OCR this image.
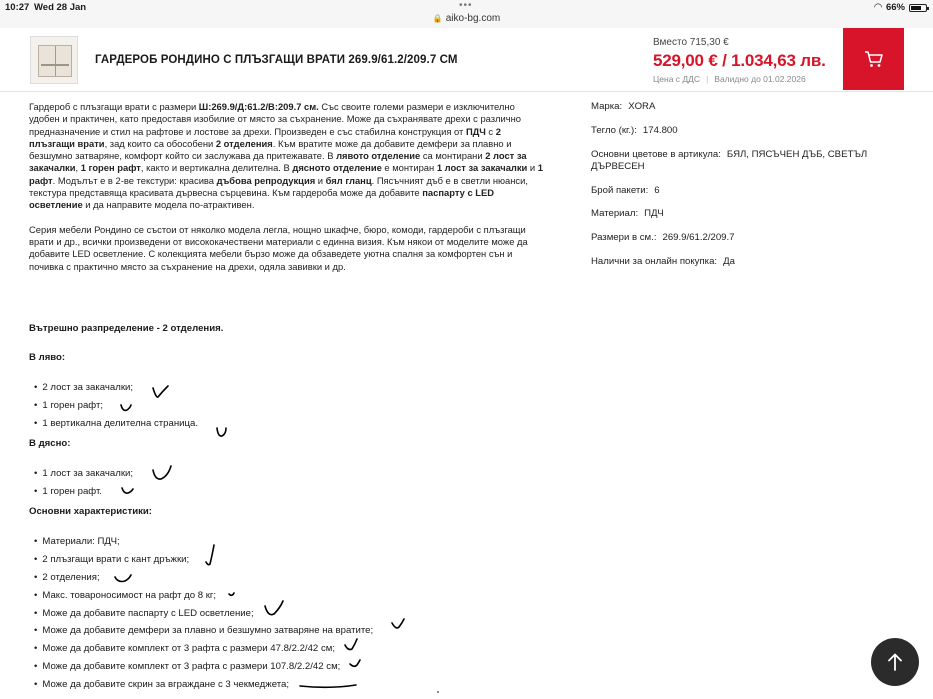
10:27 Wed 28 Jan	•••
🔒 aiko-bg.com
◠ 66%
ГАРДЕРОБ РОНДИНО С ПЛЪЗГАЩИ ВРАТИ 269.9/61.2/209.7 СМ
Вместо 715,30 €
529,00 € / 1.034,63 лв.
Цена с ДДС | Валидно до 01.02.2026

Гардероб с плъзгащи врати с размери Ш:269.9/Д:61.2/В:209.7 см. Със своите големи размери е изключително удобен и практичен, като предоставя изобилие от място за съхранение. Може да съхранявате дрехи с различно предназначение и стил на рафтове и лостове за дрехи. Произведен е със стабилна конструкция от ПДЧ с 2 плъзгащи врати, зад които са обособени 2 отделения. Към вратите може да добавите демфери за плавно и безшумно затваряне, комфорт който си заслужава да притежавате. В лявото отделение са монтирани 2 лост за закачалки, 1 горен рафт, както и вертикална делителна. В дясното отделение е монтиран 1 лост за закачалки и 1 рафт. Модълът е в 2-ве текстури: красива дъбова репродукция и бял гланц. Пясъчният дъб е в светли нюанси, текстура представяща красивата дървесна сърцевина. Към гардероба може да добавите паспарту с LED осветление и да направите модела по-атрактивен.

Серия мебели Рондино се състои от няколко модела легла, нощно шкафче, бюро, комоди, гардероби с плъзгащи врати и др., всички произведени от висококачествени материали с единна визия. Към някои от моделите може да добавите LED осветление. С колекцията мебели бързо може да обзаведете уютна спалня за комфортен сън и почивка с практично място за съхранение на дрехи, одяла завивки и др.

Марка: XORA
Тегло (кг.): 174.800
Основни цветове в артикула: БЯЛ, ПЯСЪЧЕН ДЪБ, СВЕТЪЛ ДЪРВЕСЕН
Брой пакети: 6
Материал: ПДЧ
Размери в см.: 269.9/61.2/209.7
Налични за онлайн покупка: Да
Вътрешно разпределение - 2 отделения.
В ляво:
• 2 лост за закачалки;
• 1 горен рафт;
• 1 вертикална делителна страница.
В дясно:
• 1 лост за закачалки;
• 1 горен рафт.
Основни характеристики:
• Материали: ПДЧ;
• 2 плъзгащи врати с кант дръжки;
• 2 отделения;
• Макс. товароносимост на рафт до 8 кг;
• Може да добавите паспарту с LED осветление;
• Може да добавите демфери за плавно и безшумно затваряне на вратите;
• Може да добавите комплект от 3 рафта с размери 47.8/2.2/42 см;
• Може да добавите комплект от 3 рафта с размери 107.8/2.2/42 см;
• Може да добавите скрин за вграждане с 3 чекмеджета;
